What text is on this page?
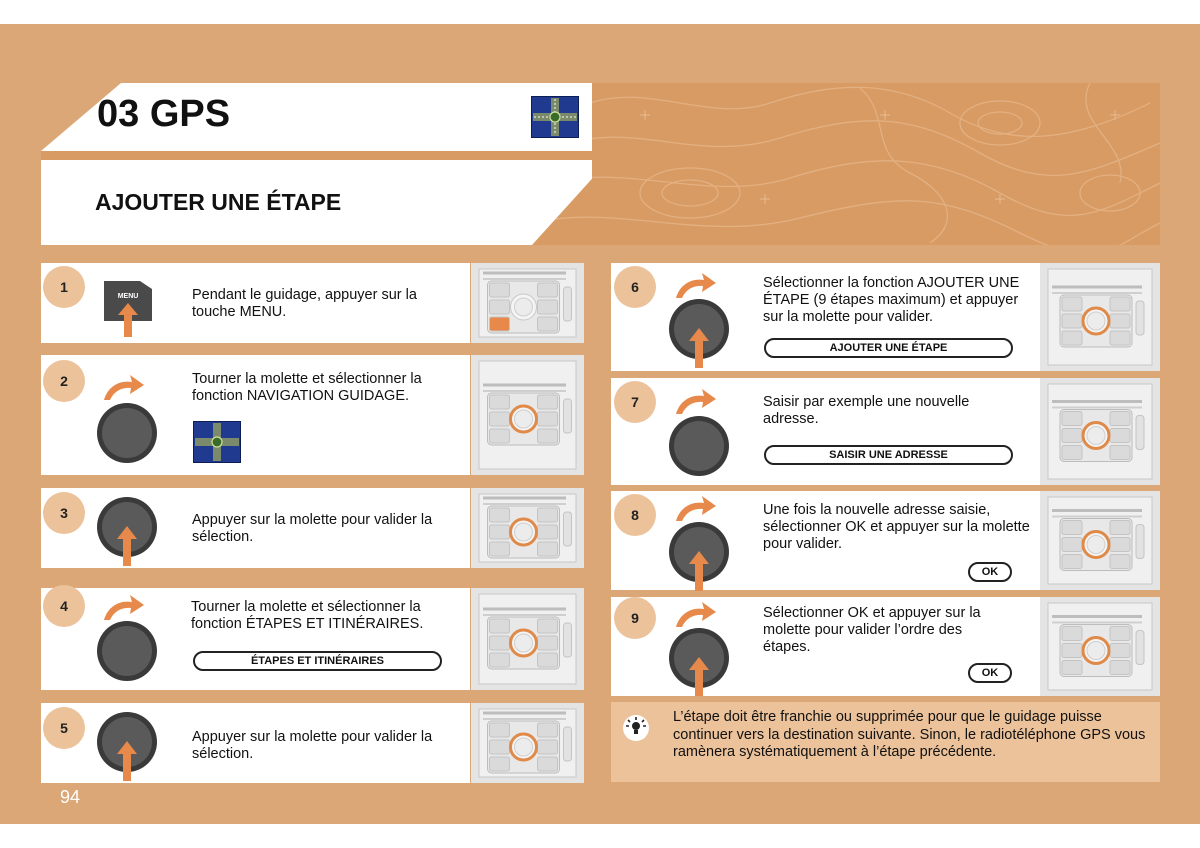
03 GPS
AJOUTER UNE ÉTAPE
1
MENU	Pendant le guidage, appuyer sur la touche MENU.
2	Tourner la molette et sélectionner la fonction NAVIGATION GUIDAGE.
3	Appuyer sur la molette pour valider la sélection.
4	Tourner la molette et sélectionner la fonction ÉTAPES ET ITINÉRAIRES.
ÉTAPES ET ITINÉRAIRES
5
Appuyer sur la molette pour valider la sélection.
6	Sélectionner la fonction AJOUTER UNE ÉTAPE (9 étapes maximum) et appuyer sur la molette pour valider.
AJOUTER UNE ÉTAPE
7	Saisir par exemple une nouvelle adresse.
SAISIR UNE ADRESSE
8	Une fois la nouvelle adresse saisie, sélectionner OK et appuyer sur la molette pour valider.
OK
9	Sélectionner OK et appuyer sur la molette pour valider l’ordre des étapes.
OK
L’étape doit être franchie ou supprimée pour que le guidage puisse continuer vers la destination suivante. Sinon, le radiotéléphone GPS vous ramènera systématiquement à l’étape précédente.
94
